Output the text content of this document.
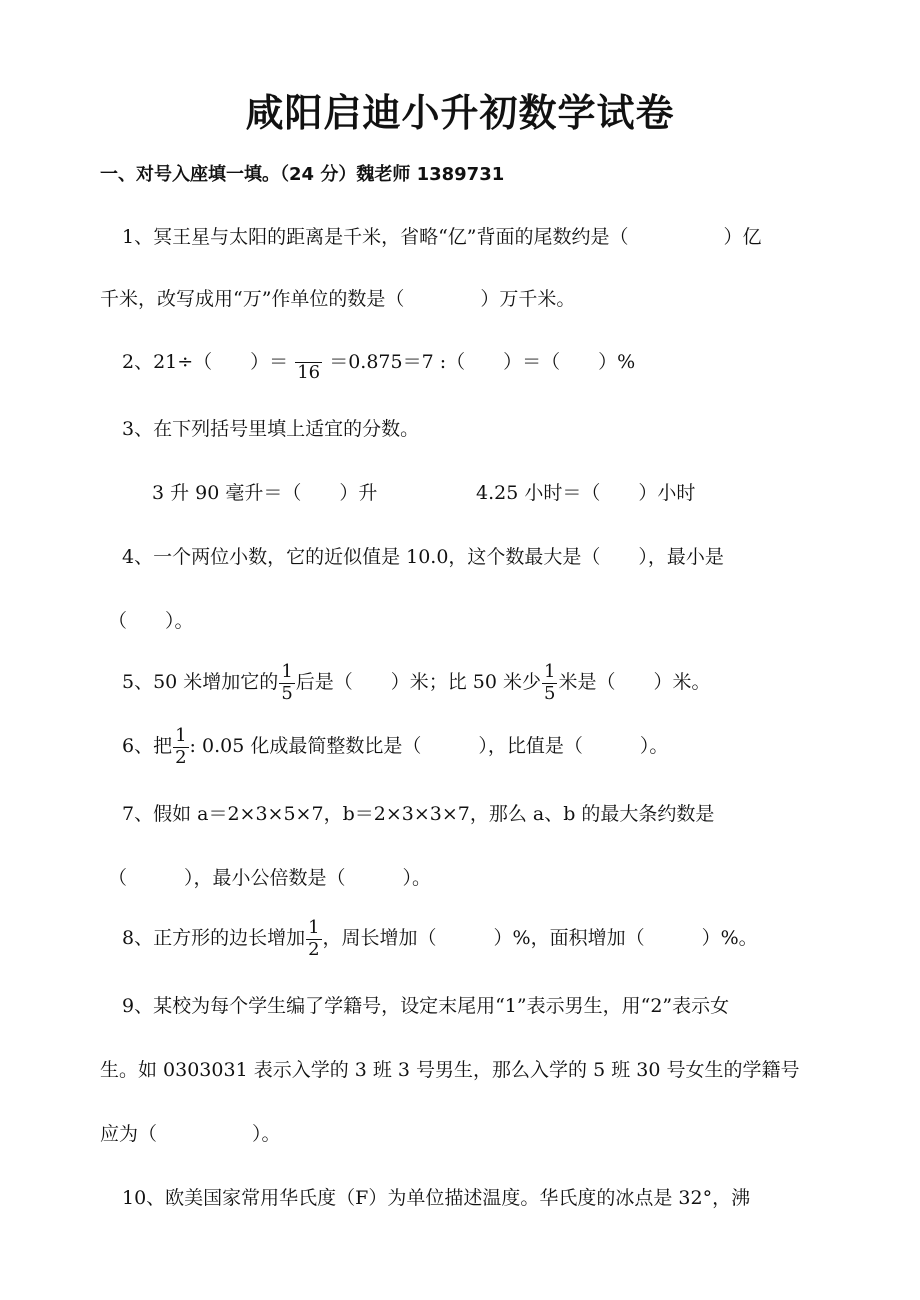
咸阳启迪小升初数学试卷
一、对号入座填一填。（24 分）魏老师 1389731
1、冥王星与太阳的距离是千米，省略“亿”背面的尾数约是（　　　　　）亿
千米，改写成用“万”作单位的数是（　　　　）万千米。
2、21÷（　　）＝ 16 ＝0.875＝7 :（　　）＝（　　）%
3、在下列括号里填上适宜的分数。
3 升 90 毫升＝（　　）升	4.25 小时＝（　　）小时
4、一个两位小数，它的近似值是 10.0，这个数最大是（　　），最小是
（　　）。
5、50 米增加它的 $\frac{1}{5}$ 后是（　　）米；比 50 米少 $\frac{1}{5}$ 米是（　　）米。
6、把 $\frac{1}{2}$ : 0.05 化成最简整数比是（　　　），比值是（　　　）。
7、假如 a＝2×3×5×7，b＝2×3×3×7，那么 a、b 的最大条约数是
（　　　），最小公倍数是（　　　）。
8、正方形的边长增加 $\frac{1}{2}$ ，周长增加（　　　）%，面积增加（　　　）%。
9、某校为每个学生编了学籍号，设定末尾用“1”表示男生，用“2”表示女
生。如 0303031 表示入学的 3 班 3 号男生，那么入学的 5 班 30 号女生的学籍号
应为（　　　　　）。
10、欧美国家常用华氏度（F）为单位描述温度。华氏度的冰点是 32°，沸
